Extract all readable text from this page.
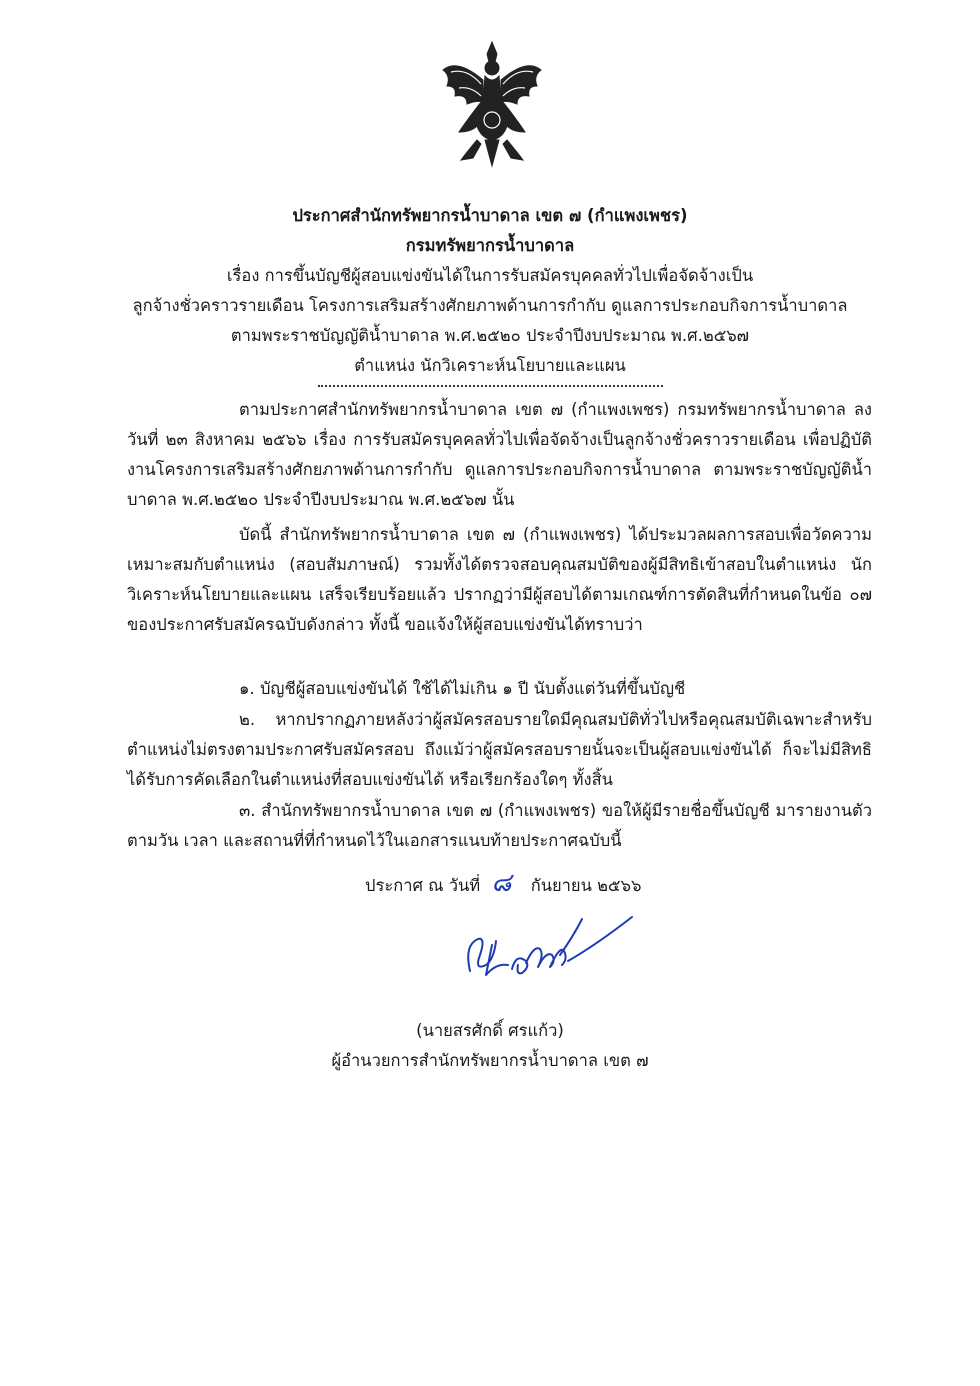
ประกาศสำนักทรัพยากรน้ำบาดาล เขต ๗ (กำแพงเพชร)
กรมทรัพยากรน้ำบาดาล
เรื่อง การขึ้นบัญชีผู้สอบแข่งขันได้ในการรับสมัครบุคคลทั่วไปเพื่อจัดจ้างเป็น
ลูกจ้างชั่วคราวรายเดือน โครงการเสริมสร้างศักยภาพด้านการกำกับ ดูแลการประกอบกิจการน้ำบาดาล
ตามพระราชบัญญัติน้ำบาดาล พ.ศ.๒๕๒๐ ประจำปีงบประมาณ พ.ศ.๒๕๖๗
ตำแหน่ง นักวิเคราะห์นโยบายและแผน

ตามประกาศสำนักทรัพยากรน้ำบาดาล เขต ๗ (กำแพงเพชร) กรมทรัพยากรน้ำบาดาล ลงวันที่ ๒๓ สิงหาคม ๒๕๖๖ เรื่อง การรับสมัครบุคคลทั่วไปเพื่อจัดจ้างเป็นลูกจ้างชั่วคราวรายเดือน เพื่อปฏิบัติงานโครงการเสริมสร้างศักยภาพด้านการกำกับ ดูแลการประกอบกิจการน้ำบาดาล ตามพระราชบัญญัติน้ำบาดาล พ.ศ.๒๕๒๐ ประจำปีงบประมาณ พ.ศ.๒๕๖๗ นั้น

บัดนี้ สำนักทรัพยากรน้ำบาดาล เขต ๗ (กำแพงเพชร) ได้ประมวลผลการสอบเพื่อวัดความเหมาะสมกับตำแหน่ง (สอบสัมภาษณ์) รวมทั้งได้ตรวจสอบคุณสมบัติของผู้มีสิทธิเข้าสอบในตำแหน่ง นักวิเคราะห์นโยบายและแผน เสร็จเรียบร้อยแล้ว ปรากฏว่ามีผู้สอบได้ตามเกณฑ์การตัดสินที่กำหนดในข้อ ๐๗ ของประกาศรับสมัครฉบับดังกล่าว ทั้งนี้ ขอแจ้งให้ผู้สอบแข่งขันได้ทราบว่า

๑. บัญชีผู้สอบแข่งขันได้ ใช้ได้ไม่เกิน ๑ ปี นับตั้งแต่วันที่ขึ้นบัญชี

๒. หากปรากฏภายหลังว่าผู้สมัครสอบรายใดมีคุณสมบัติทั่วไปหรือคุณสมบัติเฉพาะสำหรับตำแหน่งไม่ตรงตามประกาศรับสมัครสอบ ถึงแม้ว่าผู้สมัครสอบรายนั้นจะเป็นผู้สอบแข่งขันได้ ก็จะไม่มีสิทธิได้รับการคัดเลือกในตำแหน่งที่สอบแข่งขันได้ หรือเรียกร้องใดๆ ทั้งสิ้น

๓. สำนักทรัพยากรน้ำบาดาล เขต ๗ (กำแพงเพชร) ขอให้ผู้มีรายชื่อขึ้นบัญชี มารายงานตัว ตามวัน เวลา และสถานที่ที่กำหนดไว้ในเอกสารแนบท้ายประกาศฉบับนี้

ประกาศ ณ วันที่ ๘ กันยายน ๒๕๖๖
(นายสรศักดิ์ ศรแก้ว)
ผู้อำนวยการสำนักทรัพยากรน้ำบาดาล เขต ๗
